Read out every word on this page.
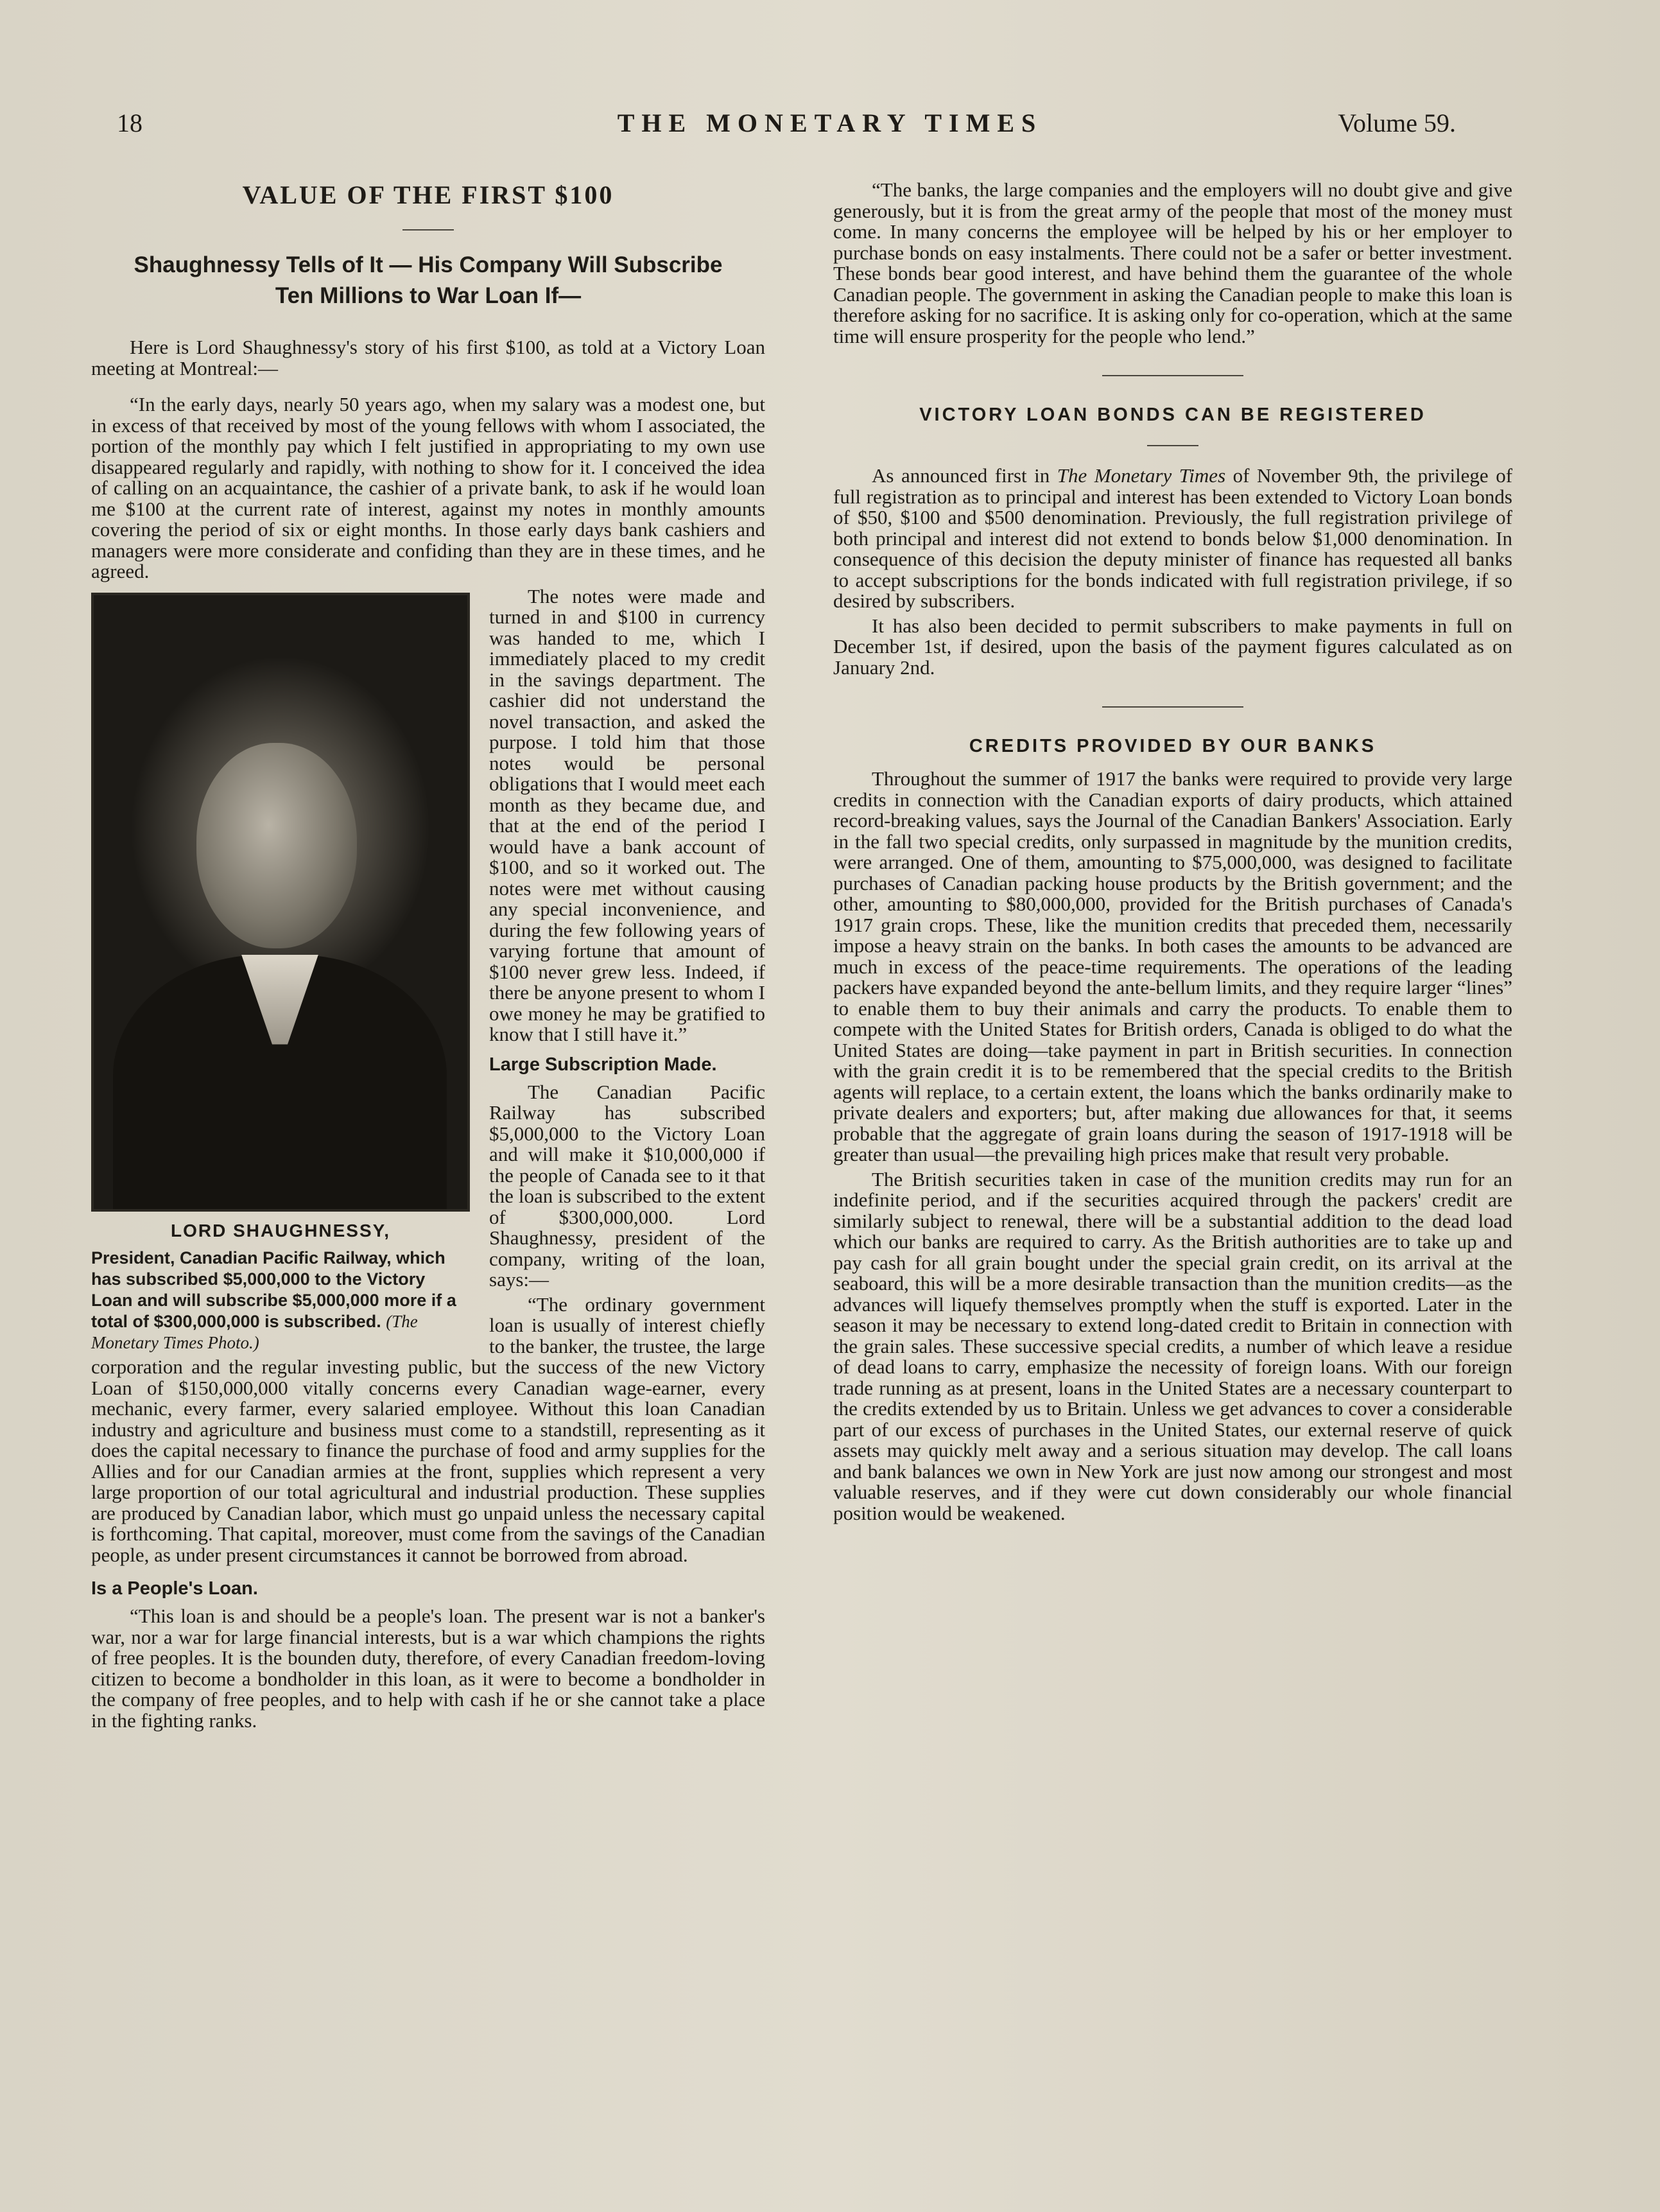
18	THE MONETARY TIMES	Volume 59.
VALUE OF THE FIRST $100
Shaughnessy Tells of It — His Company Will Subscribe
Ten Millions to War Loan If—

Here is Lord Shaughnessy's story of his first $100, as told at a Victory Loan meeting at Montreal:—

“In the early days, nearly 50 years ago, when my salary was a modest one, but in excess of that received by most of the young fellows with whom I associated, the portion of the monthly pay which I felt justified in appropriating to my own use disappeared regularly and rapidly, with nothing to show for it. I conceived the idea of calling on an acquaintance, the cashier of a private bank, to ask if he would loan me $100 at the current rate of interest, against my notes in monthly amounts covering the period of six or eight months. In those early days bank cashiers and managers were more considerate and confiding than they are in these times, and he agreed.

LORD SHAUGHNESSY,

President, Canadian Pacific Railway, which has subscribed $5,000,000 to the Victory Loan and will subscribe $5,000,000 more if a total of $300,000,000 is subscribed. (The Monetary Times Photo.)

The notes were made and turned in and $100 in currency was handed to me, which I immediately placed to my credit in the savings department. The cashier did not understand the novel transaction, and asked the purpose. I told him that those notes would be personal obligations that I would meet each month as they became due, and that at the end of the period I would have a bank account of $100, and so it worked out. The notes were met without causing any special inconvenience, and during the few following years of varying fortune that amount of $100 never grew less. Indeed, if there be anyone present to whom I owe money he may be gratified to know that I still have it.”

Large Subscription Made.

The Canadian Pacific Railway has subscribed $5,000,000 to the Victory Loan and will make it $10,000,000 if the people of Canada see to it that the loan is subscribed to the extent of $300,000,000. Lord Shaughnessy, president of the company, writing of the loan, says:—

“The ordinary government loan is usually of interest chiefly to the banker, the trustee, the large corporation and the regular investing public, but the success of the new Victory Loan of $150,000,000 vitally concerns every Canadian wage-earner, every mechanic, every farmer, every salaried employee. Without this loan Canadian industry and agriculture and business must come to a standstill, representing as it does the capital necessary to finance the purchase of food and army supplies for the Allies and for our Canadian armies at the front, supplies which represent a very large proportion of our total agricultural and industrial production. These supplies are produced by Canadian labor, which must go unpaid unless the necessary capital is forthcoming. That capital, moreover, must come from the savings of the Canadian people, as under present circumstances it cannot be borrowed from abroad.

Is a People's Loan.

“This loan is and should be a people's loan. The present war is not a banker's war, nor a war for large financial interests, but is a war which champions the rights of free peoples. It is the bounden duty, therefore, of every Canadian freedom-loving citizen to become a bondholder in this loan, as it were to become a bondholder in the company of free peoples, and to help with cash if he or she cannot take a place in the fighting ranks.

“The banks, the large companies and the employers will no doubt give and give generously, but it is from the great army of the people that most of the money must come. In many concerns the employee will be helped by his or her employer to purchase bonds on easy instalments. There could not be a safer or better investment. These bonds bear good interest, and have behind them the guarantee of the whole Canadian people. The government in asking the Canadian people to make this loan is therefore asking for no sacrifice. It is asking only for co-operation, which at the same time will ensure prosperity for the people who lend.”

VICTORY LOAN BONDS CAN BE REGISTERED

As announced first in The Monetary Times of November 9th, the privilege of full registration as to principal and interest has been extended to Victory Loan bonds of $50, $100 and $500 denomination. Previously, the full registration privilege of both principal and interest did not extend to bonds below $1,000 denomination. In consequence of this decision the deputy minister of finance has requested all banks to accept subscriptions for the bonds indicated with full registration privilege, if so desired by subscribers.

It has also been decided to permit subscribers to make payments in full on December 1st, if desired, upon the basis of the payment figures calculated as on January 2nd.

CREDITS PROVIDED BY OUR BANKS

Throughout the summer of 1917 the banks were required to provide very large credits in connection with the Canadian exports of dairy products, which attained record-breaking values, says the Journal of the Canadian Bankers' Association. Early in the fall two special credits, only surpassed in magnitude by the munition credits, were arranged. One of them, amounting to $75,000,000, was designed to facilitate purchases of Canadian packing house products by the British government; and the other, amounting to $80,000,000, provided for the British purchases of Canada's 1917 grain crops. These, like the munition credits that preceded them, necessarily impose a heavy strain on the banks. In both cases the amounts to be advanced are much in excess of the peace-time requirements. The operations of the leading packers have expanded beyond the ante-bellum limits, and they require larger “lines” to enable them to buy their animals and carry the products. To enable them to compete with the United States for British orders, Canada is obliged to do what the United States are doing—take payment in part in British securities. In connection with the grain credit it is to be remembered that the special credits to the British agents will replace, to a certain extent, the loans which the banks ordinarily make to private dealers and exporters; but, after making due allowances for that, it seems probable that the aggregate of grain loans during the season of 1917-1918 will be greater than usual—the prevailing high prices make that result very probable.

The British securities taken in case of the munition credits may run for an indefinite period, and if the securities acquired through the packers' credit are similarly subject to renewal, there will be a substantial addition to the dead load which our banks are required to carry. As the British authorities are to take up and pay cash for all grain bought under the special grain credit, on its arrival at the seaboard, this will be a more desirable transaction than the munition credits—as the advances will liquefy themselves promptly when the stuff is exported. Later in the season it may be necessary to extend long-dated credit to Britain in connection with the grain sales. These successive special credits, a number of which leave a residue of dead loans to carry, emphasize the necessity of foreign loans. With our foreign trade running as at present, loans in the United States are a necessary counterpart to the credits extended by us to Britain. Unless we get advances to cover a considerable part of our excess of purchases in the United States, our external reserve of quick assets may quickly melt away and a serious situation may develop. The call loans and bank balances we own in New York are just now among our strongest and most valuable reserves, and if they were cut down considerably our whole financial position would be weakened.
